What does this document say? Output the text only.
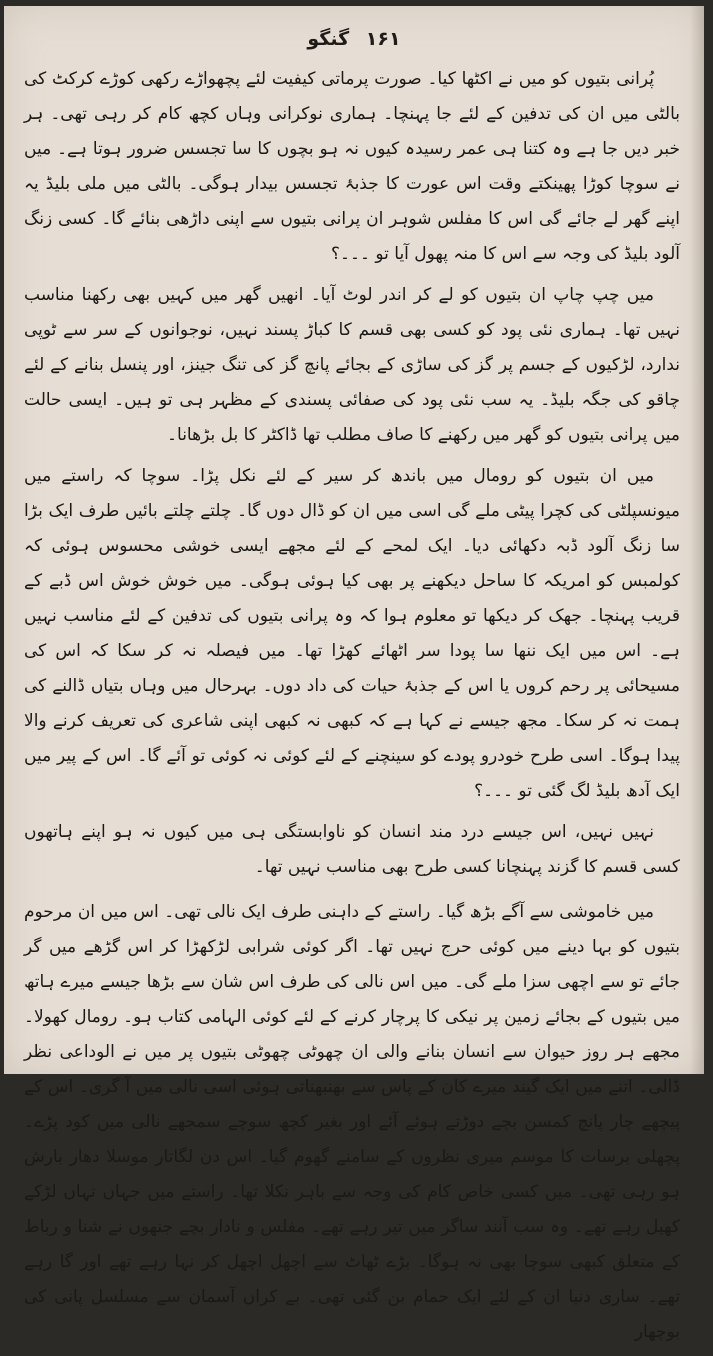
۱۶۱ گنگو

پُرانی بتیوں کو میں نے اکٹھا کیا۔ صورت پرماتی کیفیت لئے پچھواڑے رکھی کوڑے کرکٹ کی بالٹی میں ان کی تدفین کے لئے جا پہنچا۔ ہماری نوکرانی وہاں کچھ کام کر رہی تھی۔ ہر خبر دیں جا ہے وہ کتنا ہی عمر رسیدہ کیوں نہ ہو بچوں کا سا تجسس ضرور ہوتا ہے۔ میں نے سوچا کوڑا پھینکتے وقت اس عورت کا جذبۂ تجسس بیدار ہوگی۔ بالٹی میں ملی بلیڈ یہ اپنے گھر لے جائے گی اس کا مفلس شوہر ان پرانی بتیوں سے اپنی داڑھی بنائے گا۔ کسی زنگ آلود بلیڈ کی وجہ سے اس کا منہ پھول آیا تو ۔۔۔؟

میں چپ چاپ ان بتیوں کو لے کر اندر لوٹ آیا۔ انھیں گھر میں کہیں بھی رکھنا مناسب نہیں تھا۔ ہماری نئی پود کو کسی بھی قسم کا کباڑ پسند نہیں، نوجوانوں کے سر سے ٹوپی ندارد، لڑکیوں کے جسم پر گز کی ساڑی کے بجائے پانچ گز کی تنگ جینز، اور پنسل بنانے کے لئے چاقو کی جگہ بلیڈ۔ یہ سب نئی پود کی صفائی پسندی کے مظہر ہی تو ہیں۔ ایسی حالت میں پرانی بتیوں کو گھر میں رکھنے کا صاف مطلب تھا ڈاکٹر کا بل بڑھانا۔

میں ان بتیوں کو رومال میں باندھ کر سیر کے لئے نکل پڑا۔ سوچا کہ راستے میں میونسپلٹی کی کچرا پیٹی ملے گی اسی میں ان کو ڈال دوں گا۔ چلتے چلتے بائیں طرف ایک بڑا سا زنگ آلود ڈبہ دکھائی دیا۔ ایک لمحے کے لئے مجھے ایسی خوشی محسوس ہوئی کہ کولمبس کو امریکہ کا ساحل دیکھنے پر بھی کیا ہوئی ہوگی۔ میں خوش خوش اس ڈبے کے قریب پہنچا۔ جھک کر دیکھا تو معلوم ہوا کہ وہ پرانی بتیوں کی تدفین کے لئے مناسب نہیں ہے۔ اس میں ایک ننھا سا پودا سر اٹھائے کھڑا تھا۔ میں فیصلہ نہ کر سکا کہ اس کی مسیحائی پر رحم کروں یا اس کے جذبۂ حیات کی داد دوں۔ بہرحال میں وہاں بتیاں ڈالنے کی ہمت نہ کر سکا۔ مجھ جیسے نے کہا ہے کہ کبھی نہ کبھی اپنی شاعری کی تعریف کرنے والا پیدا ہوگا۔ اسی طرح خودرو پودے کو سینچنے کے لئے کوئی نہ کوئی تو آئے گا۔ اس کے پیر میں ایک آدھ بلیڈ لگ گئی تو ۔۔۔؟

نہیں نہیں، اس جیسے درد مند انسان کو ناوابستگی ہی میں کیوں نہ ہو اپنے ہاتھوں کسی قسم کا گزند پہنچانا کسی طرح بھی مناسب نہیں تھا۔

میں خاموشی سے آگے بڑھ گیا۔ راستے کے داہنی طرف ایک نالی تھی۔ اس میں ان مرحوم بتیوں کو بہا دینے میں کوئی حرج نہیں تھا۔ اگر کوئی شرابی لڑکھڑا کر اس گڑھے میں گر جائے تو سے اچھی سزا ملے گی۔ میں اس نالی کی طرف اس شان سے بڑھا جیسے میرے ہاتھ میں بتیوں کے بجائے زمین پر نیکی کا پرچار کرنے کے لئے کوئی الہامی کتاب ہو۔ رومال کھولا۔ مجھے ہر روز حیوان سے انسان بنانے والی ان چھوٹی چھوٹی بتیوں پر میں نے الوداعی نظر ڈالی۔ اتنے میں ایک گیند میرے کان کے پاس سے بھنبھناتی ہوئی اسی نالی میں آ گری۔ اس کے پیچھے چار پانچ کمسن بچے دوڑتے ہوئے آئے اور بغیر کچھ سوچے سمجھے نالی میں کود پڑے۔ پچھلی برسات کا موسم میری نظروں کے سامنے گھوم گیا۔ اس دن لگاتار موسلا دھار بارش ہو رہی تھی۔ میں کسی خاص کام کی وجہ سے باہر نکلا تھا۔ راستے میں جہاں تہاں لڑکے کھیل رہے تھے۔ وہ سب آنند ساگر میں تیر رہے تھے۔ مفلس و نادار بچے جنھوں نے شنا و رباط کے متعلق کبھی سوچا بھی نہ ہوگا۔ بڑے ٹھاٹ سے اچھل اچھل کر نہا رہے تھے اور گا رہے تھے۔ ساری دنیا ان کے لئے ایک حمام بن گئی تھی۔ بے کراں آسمان سے مسلسل پانی کی بوچھار
